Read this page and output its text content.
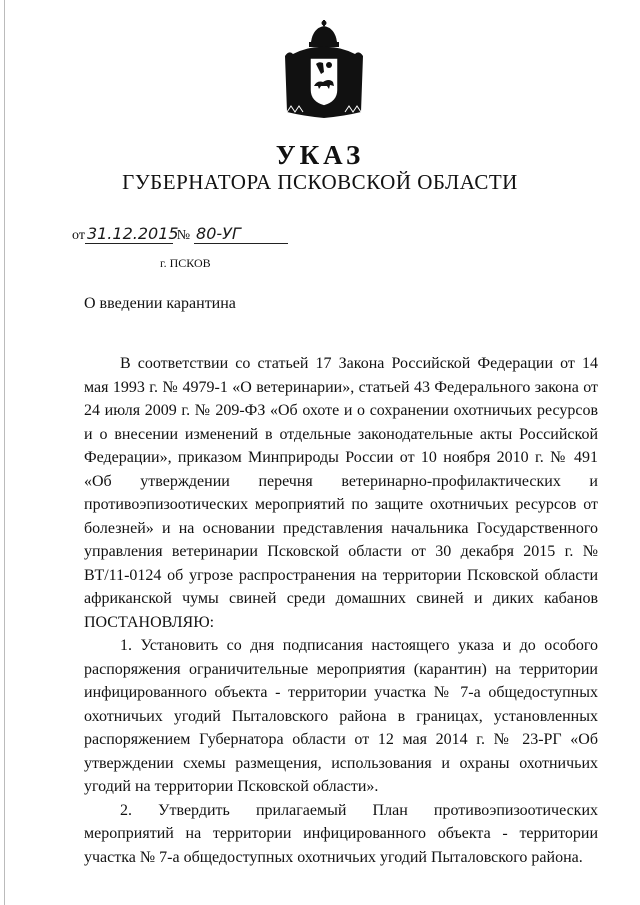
УКАЗ
ГУБЕРНАТОРА ПСКОВСКОЙ ОБЛАСТИ
от 31.12.2015 № 80-УГ
г. ПСКОВ
О введении карантина

В соответствии со статьей 17 Закона Российской Федерации от 14 мая 1993 г. № 4979-1 «О ветеринарии», статьей 43 Федерального закона от 24 июля 2009 г. № 209-ФЗ «Об охоте и о сохранении охотничьих ресурсов и о внесении изменений в отдельные законодательные акты Российской Федерации», приказом Минприроды России от 10 ноября 2010 г. № 491 «Об утверждении перечня ветеринарно-профилактических и противоэпизоотических мероприятий по защите охотничьих ресурсов от болезней» и на основании представления начальника Государственного управления ветеринарии Псковской области от 30 декабря 2015 г. № ВТ/11-0124 об угрозе распространения на территории Псковской области африканской чумы свиней среди домашних свиней и диких кабанов ПОСТАНОВЛЯЮ:

1. Установить со дня подписания настоящего указа и до особого распоряжения ограничительные мероприятия (карантин) на территории инфицированного объекта - территории участка № 7-а общедоступных охотничьих угодий Пыталовского района в границах, установленных распоряжением Губернатора области от 12 мая 2014 г. № 23-РГ «Об утверждении схемы размещения, использования и охраны охотничьих угодий на территории Псковской области».

2. Утвердить прилагаемый План противоэпизоотических мероприятий на территории инфицированного объекта - территории участка № 7-а общедоступных охотничьих угодий Пыталовского района.
